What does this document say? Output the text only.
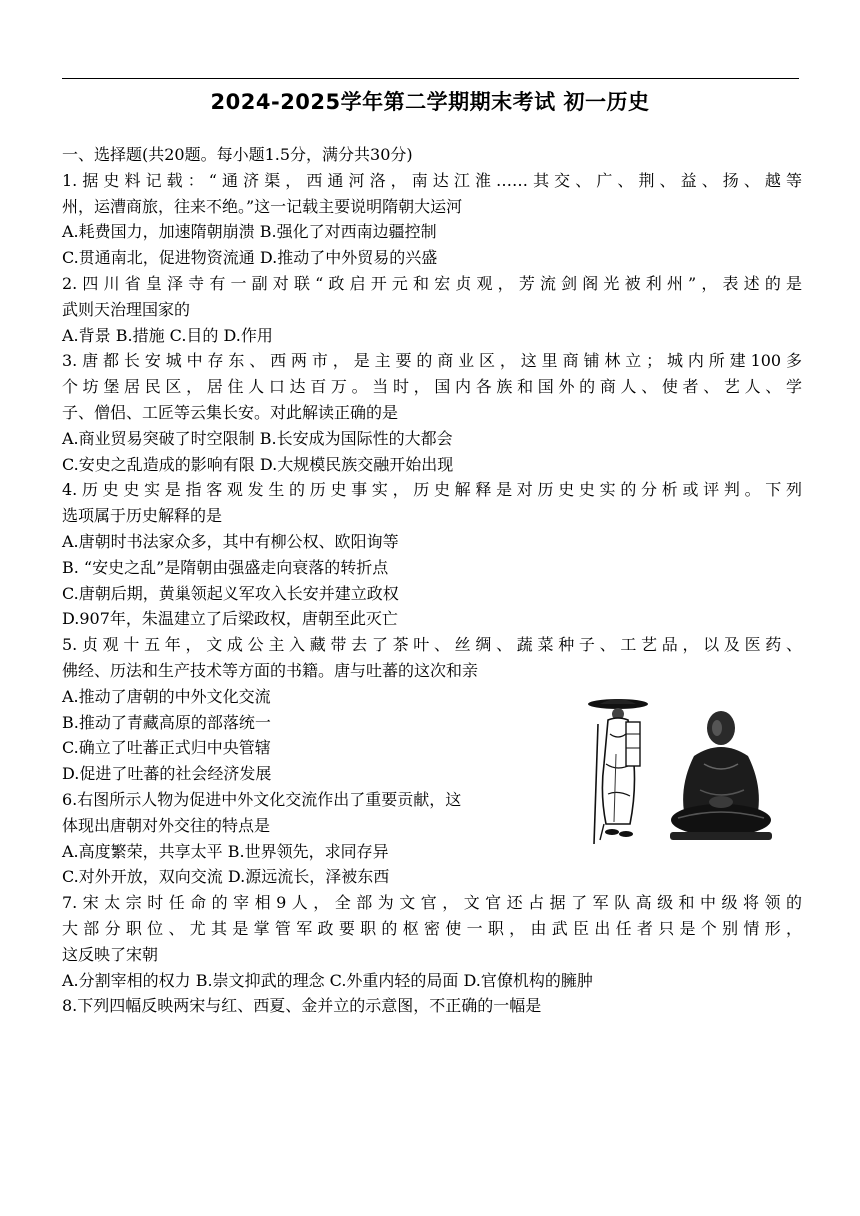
2024-2025学年第二学期期末考试 初一历史
一、选择题(共20题。每小题1.5分，满分共30分)
1.据史料记载：“通济渠，西通河洛，南达江淮……其交、广、荆、益、扬、越等
州，运漕商旅，往来不绝。”这一记载主要说明隋朝大运河
A.耗费国力，加速隋朝崩溃 B.强化了对西南边疆控制
C.贯通南北，促进物资流通 D.推动了中外贸易的兴盛
2.四川省皇泽寺有一副对联“政启开元和宏贞观，芳流剑阁光被利州”，表述的是
武则天治理国家的
A.背景 B.措施 C.目的 D.作用
3.唐都长安城中存东、西两市，是主要的商业区，这里商铺林立；城内所建100多
个坊堡居民区，居住人口达百万。当时，国内各族和国外的商人、使者、艺人、学
子、僧侣、工匠等云集长安。对此解读正确的是
A.商业贸易突破了时空限制 B.长安成为国际性的大都会
C.安史之乱造成的影响有限 D.大规模民族交融开始出现
4.历史史实是指客观发生的历史事实，历史解释是对历史史实的分析或评判。下列
选项属于历史解释的是
A.唐朝时书法家众多，其中有柳公权、欧阳询等
B. “安史之乱”是隋朝由强盛走向衰落的转折点
C.唐朝后期，黄巢领起义军攻入长安并建立政权
D.907年，朱温建立了后梁政权，唐朝至此灭亡
5.贞观十五年，文成公主入藏带去了茶叶、丝绸、蔬菜种子、工艺品，以及医药、
佛经、历法和生产技术等方面的书籍。唐与吐蕃的这次和亲
A.推动了唐朝的中外文化交流
B.推动了青藏高原的部落统一
C.确立了吐蕃正式归中央管辖
D.促进了吐蕃的社会经济发展
6.右图所示人物为促进中外文化交流作出了重要贡献，这
体现出唐朝对外交往的特点是
A.高度繁荣，共享太平 B.世界领先，求同存异
C.对外开放，双向交流 D.源远流长，泽被东西
7.宋太宗时任命的宰相9人，全部为文官，文官还占据了军队高级和中级将领的
大部分职位、尤其是掌管军政要职的枢密使一职，由武臣出任者只是个别情形，
这反映了宋朝
A.分割宰相的权力 B.崇文抑武的理念 C.外重内轻的局面 D.官僚机构的臃肿
8.下列四幅反映两宋与红、西夏、金并立的示意图，不正确的一幅是
